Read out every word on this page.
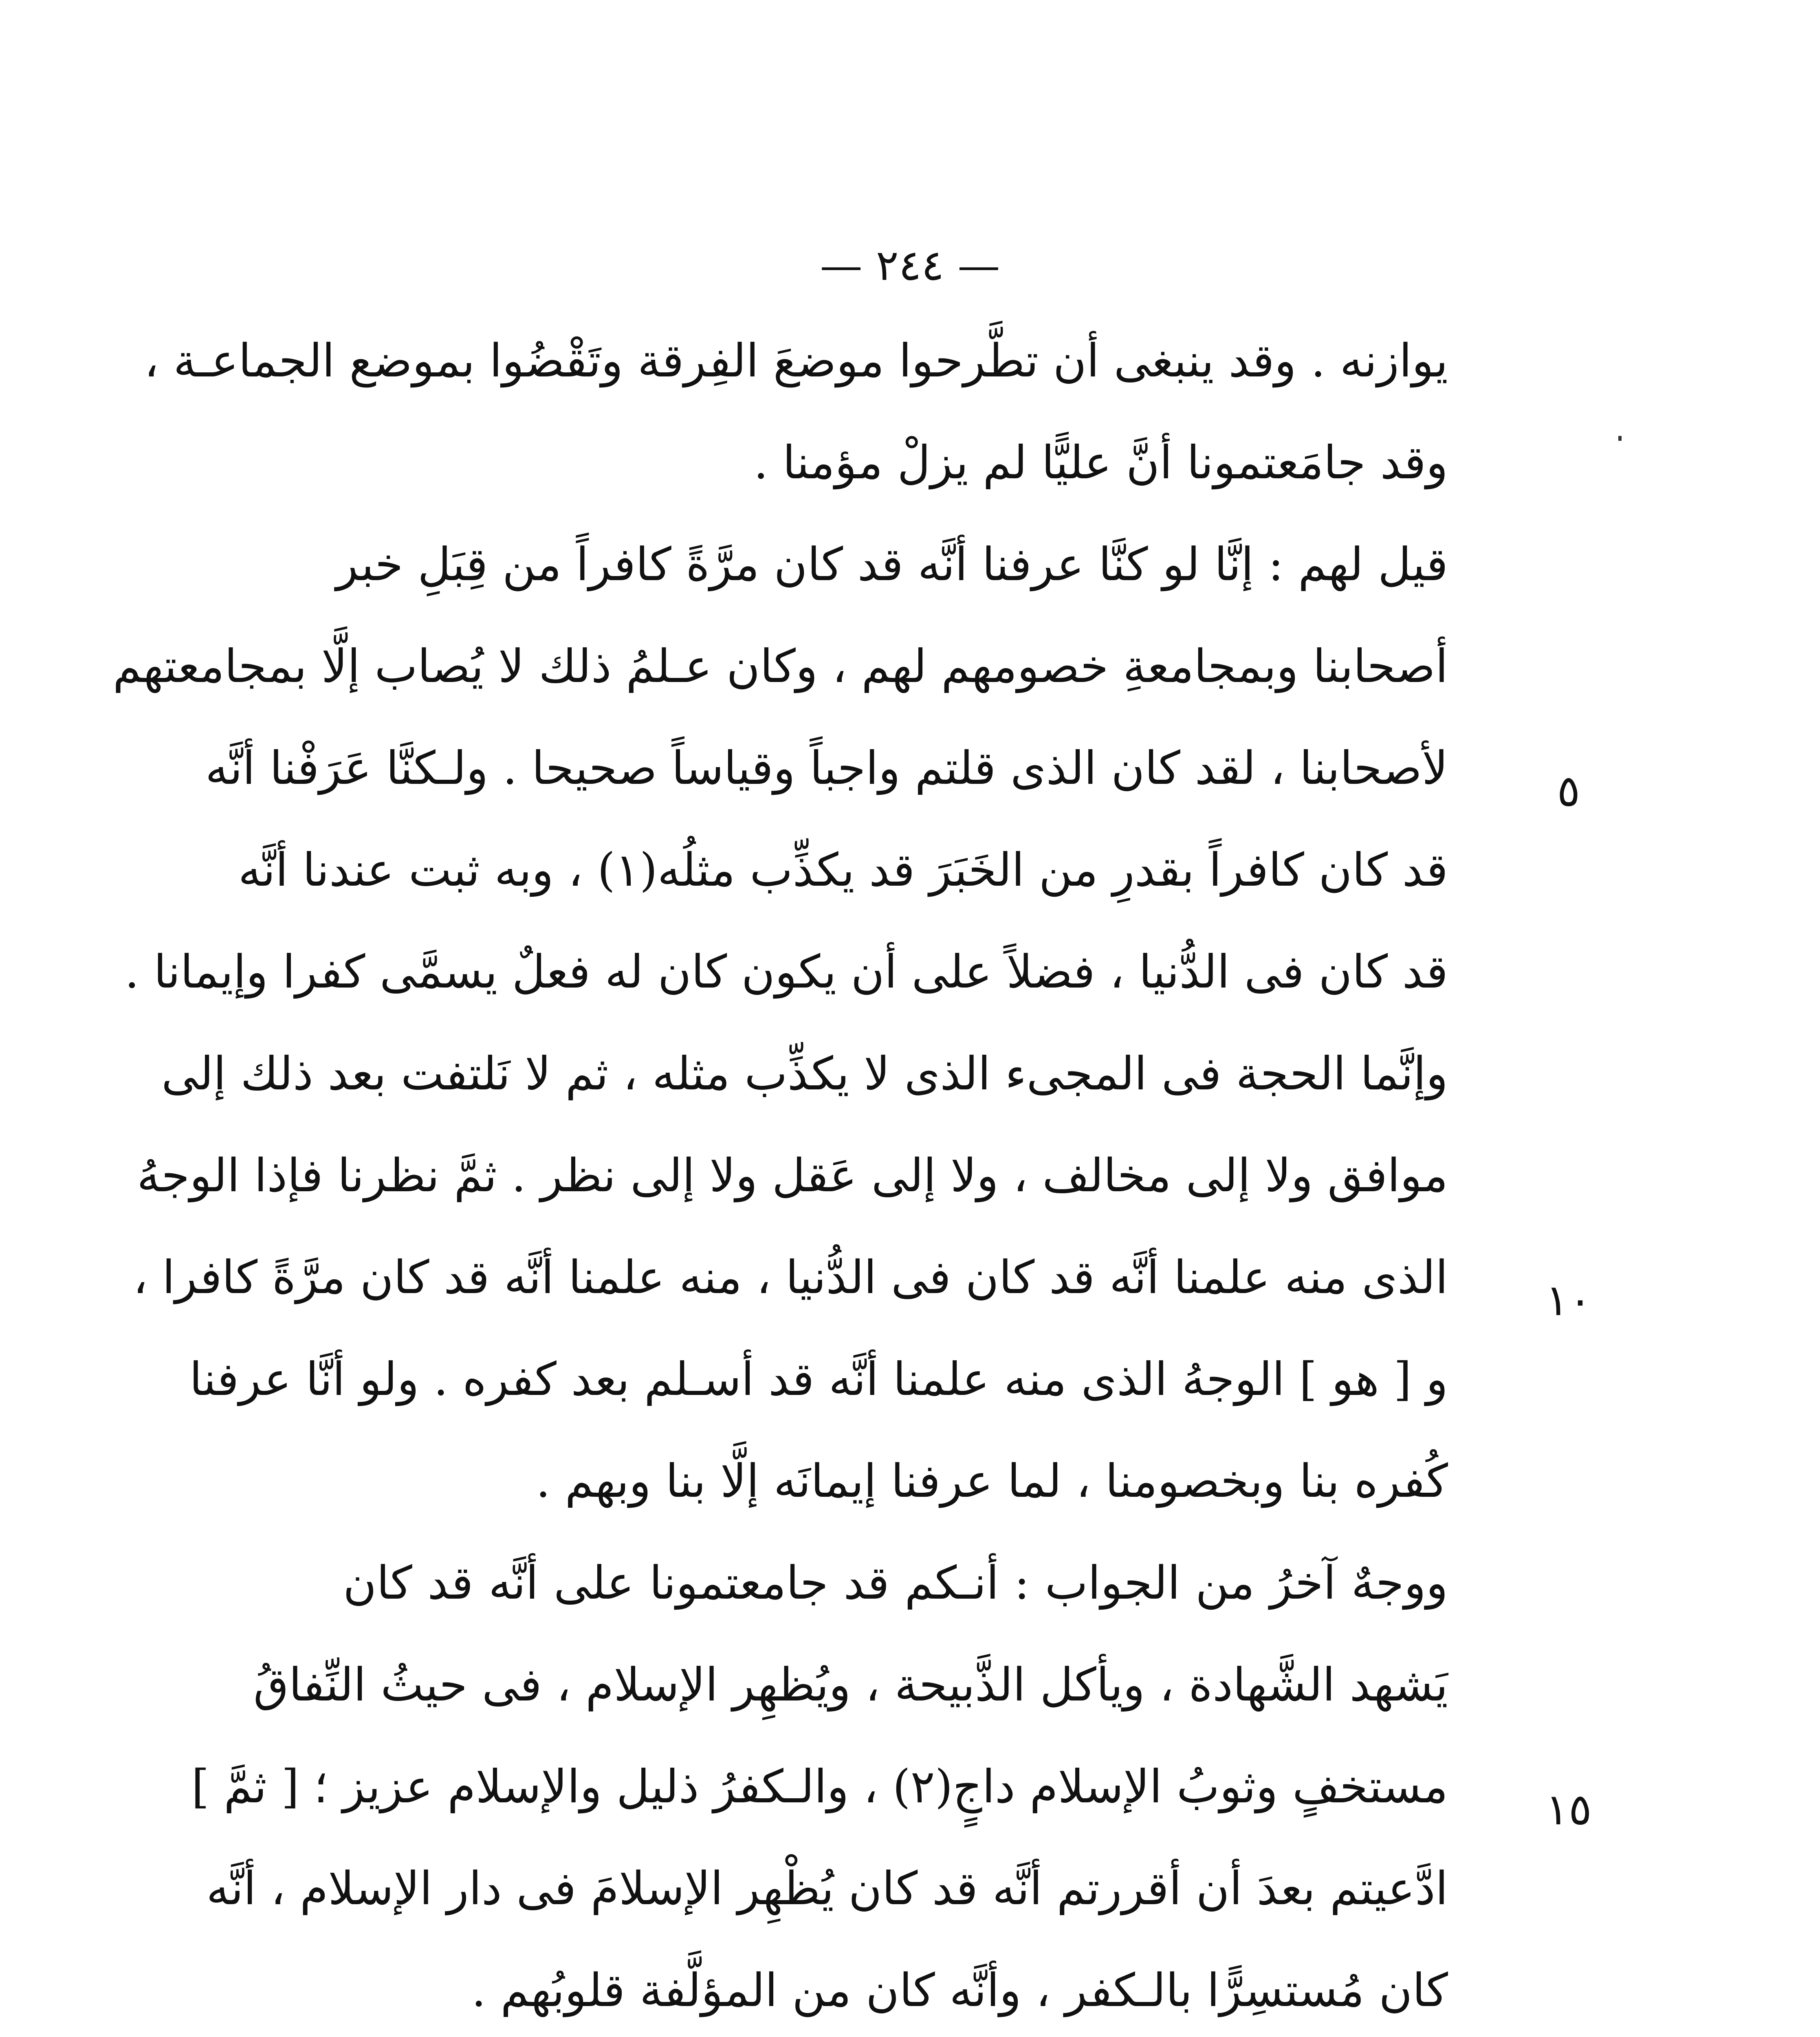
— ٢٤٤ —
يوازنه . وقد ينبغى أن تطَّرحوا موضعَ الفِرقة وتَقْضُوا بموضع الجماعـة ،
وقد جامَعتمونا أنَّ عليًّا لم يزلْ مؤمنا .
قيل لهم : إنَّا لو كنَّا عرفنا أنَّه قد كان مرَّةً كافراً من قِبَلِ خبر
أصحابنا وبمجامعةِ خصومهم لهم ، وكان عـلمُ ذلك لا يُصاب إلَّا بمجامعتهم
لأصحابنا ، لقد كان الذى قلتم واجباً وقياساً صحيحا . ولـكنَّا عَرَفْنا أنَّه
قد كان كافراً بقدرِ من الخَبَرَ قد يكذِّب مثلُه(١) ، وبه ثبت عندنا أنَّه
قد كان فى الدُّنيا ، فضلاً على أن يكون كان له فعلٌ يسمَّى كفرا وإيمانا .
وإنَّما الحجة فى المجىء الذى لا يكذِّب مثله ، ثم لا نَلتفت بعد ذلك إلى
موافق ولا إلى مخالف ، ولا إلى عَقل ولا إلى نظر . ثمَّ نظرنا فإذا الوجهُ
الذى منه علمنا أنَّه قد كان فى الدُّنيا ، منه علمنا أنَّه قد كان مرَّةً كافرا ،
و [ هو ] الوجهُ الذى منه علمنا أنَّه قد أسـلم بعد كفره . ولو أنَّا عرفنا
كُفره بنا وبخصومنا ، لما عرفنا إيمانَه إلَّا بنا وبهم .
ووجهٌ آخرُ من الجواب : أنـكم قد جامعتمونا على أنَّه قد كان
يَشهد الشَّهادة ، ويأكل الذَّبيحة ، ويُظهِر الإسلام ، فى حيثُ النِّفاقُ
مستخفٍ وثوبُ الإسلام داجٍ(٢) ، والـكفرُ ذليل والإسلام عزيز ؛ [ ثمَّ ]
ادَّعيتم بعدَ أن أقررتم أنَّه قد كان يُظْهِر الإسلامَ فى دار الإسلام ، أنَّه
كان مُستسِرًّا بالـكفر ، وأنَّه كان من المؤلَّفة قلوبُهم .
٥
١٠
١٥
